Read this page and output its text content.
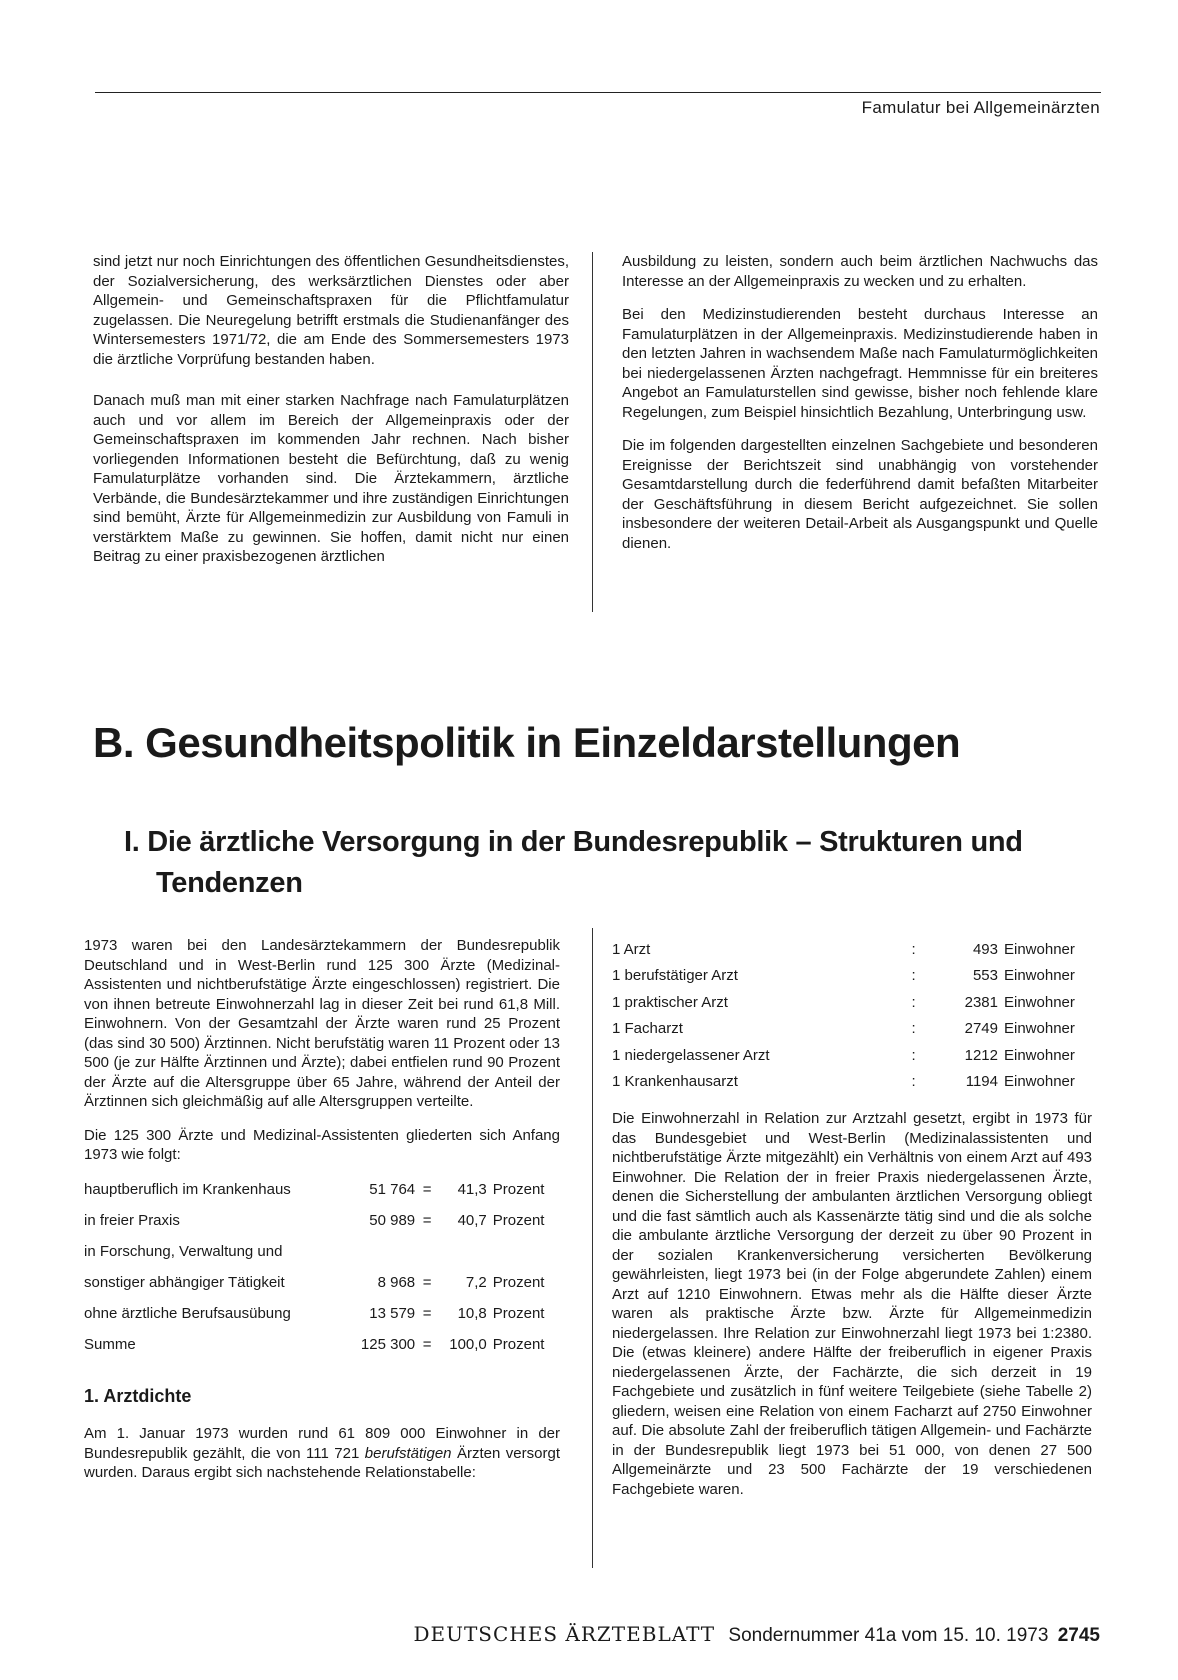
Famulatur bei Allgemeinärzten

sind jetzt nur noch Einrichtungen des öffentlichen Gesundheitsdienstes, der Sozialversicherung, des werksärztlichen Dienstes oder aber Allgemein- und Gemeinschaftspraxen für die Pflichtfamulatur zugelassen. Die Neuregelung betrifft erstmals die Studienanfänger des Wintersemesters 1971/72, die am Ende des Sommersemesters 1973 die ärztliche Vorprüfung bestanden haben.

Danach muß man mit einer starken Nachfrage nach Famulaturplätzen auch und vor allem im Bereich der Allgemeinpraxis oder der Gemeinschaftspraxen im kommenden Jahr rechnen. Nach bisher vorliegenden Informationen besteht die Befürchtung, daß zu wenig Famulaturplätze vorhanden sind. Die Ärztekammern, ärztliche Verbände, die Bundesärztekammer und ihre zuständigen Einrichtungen sind bemüht, Ärzte für Allgemeinmedizin zur Ausbildung von Famuli in verstärktem Maße zu gewinnen. Sie hoffen, damit nicht nur einen Beitrag zu einer praxisbezogenen ärztlichen

Ausbildung zu leisten, sondern auch beim ärztlichen Nachwuchs das Interesse an der Allgemeinpraxis zu wecken und zu erhalten.

Bei den Medizinstudierenden besteht durchaus Interesse an Famulaturplätzen in der Allgemeinpraxis. Medizinstudierende haben in den letzten Jahren in wachsendem Maße nach Famulaturmöglichkeiten bei niedergelassenen Ärzten nachgefragt. Hemmnisse für ein breiteres Angebot an Famulaturstellen sind gewisse, bisher noch fehlende klare Regelungen, zum Beispiel hinsichtlich Bezahlung, Unterbringung usw.

Die im folgenden dargestellten einzelnen Sachgebiete und besonderen Ereignisse der Berichtszeit sind unabhängig von vorstehender Gesamtdarstellung durch die federführend damit befaßten Mitarbeiter der Geschäftsführung in diesem Bericht aufgezeichnet. Sie sollen insbesondere der weiteren Detail-Arbeit als Ausgangspunkt und Quelle dienen.

B. Gesundheitspolitik in Einzeldarstellungen
I. Die ärztliche Versorgung in der Bundesrepublik – Strukturen und Tendenzen

1973 waren bei den Landesärztekammern der Bundesrepublik Deutschland und in West-Berlin rund 125 300 Ärzte (Medizinal-Assistenten und nichtberufstätige Ärzte eingeschlossen) registriert. Die von ihnen betreute Einwohnerzahl lag in dieser Zeit bei rund 61,8 Mill. Einwohnern. Von der Gesamtzahl der Ärzte waren rund 25 Prozent (das sind 30 500) Ärztinnen. Nicht berufstätig waren 11 Prozent oder 13 500 (je zur Hälfte Ärztinnen und Ärzte); dabei entfielen rund 90 Prozent der Ärzte auf die Altersgruppe über 65 Jahre, während der Anteil der Ärztinnen sich gleichmäßig auf alle Altersgruppen verteilte.

Die 125 300 Ärzte und Medizinal-Assistenten gliederten sich Anfang 1973 wie folgt:

hauptberuflich im Krankenhaus	51 764	=	41,3	Prozent
in freier Praxis	50 989	=	40,7	Prozent
in Forschung, Verwaltung und				
sonstiger abhängiger Tätigkeit	8 968	=	7,2	Prozent
ohne ärztliche Berufsausübung	13 579	=	10,8	Prozent
Summe	125 300	=	100,0	Prozent
1. Arztdichte

Am 1. Januar 1973 wurden rund 61 809 000 Einwohner in der Bundesrepublik gezählt, die von 111 721 berufstätigen Ärzten versorgt wurden. Daraus ergibt sich nachstehende Relationstabelle:

1 Arzt	:	493	Einwohner
1 berufstätiger Arzt	:	553	Einwohner
1 praktischer Arzt	:	2381	Einwohner
1 Facharzt	:	2749	Einwohner
1 niedergelassener Arzt	:	1212	Einwohner
1 Krankenhausarzt	:	1194	Einwohner

Die Einwohnerzahl in Relation zur Arztzahl gesetzt, ergibt in 1973 für das Bundesgebiet und West-Berlin (Medizinalassistenten und nichtberufstätige Ärzte mitgezählt) ein Verhältnis von einem Arzt auf 493 Einwohner. Die Relation der in freier Praxis niedergelassenen Ärzte, denen die Sicherstellung der ambulanten ärztlichen Versorgung obliegt und die fast sämtlich auch als Kassenärzte tätig sind und die als solche die ambulante ärztliche Versorgung der derzeit zu über 90 Prozent in der sozialen Krankenversicherung versicherten Bevölkerung gewährleisten, liegt 1973 bei (in der Folge abgerundete Zahlen) einem Arzt auf 1210 Einwohnern. Etwas mehr als die Hälfte dieser Ärzte waren als praktische Ärzte bzw. Ärzte für Allgemeinmedizin niedergelassen. Ihre Relation zur Einwohnerzahl liegt 1973 bei 1:2380. Die (etwas kleinere) andere Hälfte der freiberuflich in eigener Praxis niedergelassenen Ärzte, der Fachärzte, die sich derzeit in 19 Fachgebiete und zusätzlich in fünf weitere Teilgebiete (siehe Tabelle 2) gliedern, weisen eine Relation von einem Facharzt auf 2750 Einwohner auf. Die absolute Zahl der freiberuflich tätigen Allgemein- und Fachärzte in der Bundesrepublik liegt 1973 bei 51 000, von denen 27 500 Allgemeinärzte und 23 500 Fachärzte der 19 verschiedenen Fachgebiete waren.

DEUTSCHES ÄRZTEBLATT Sondernummer 41a vom 15. 10. 1973 2745
